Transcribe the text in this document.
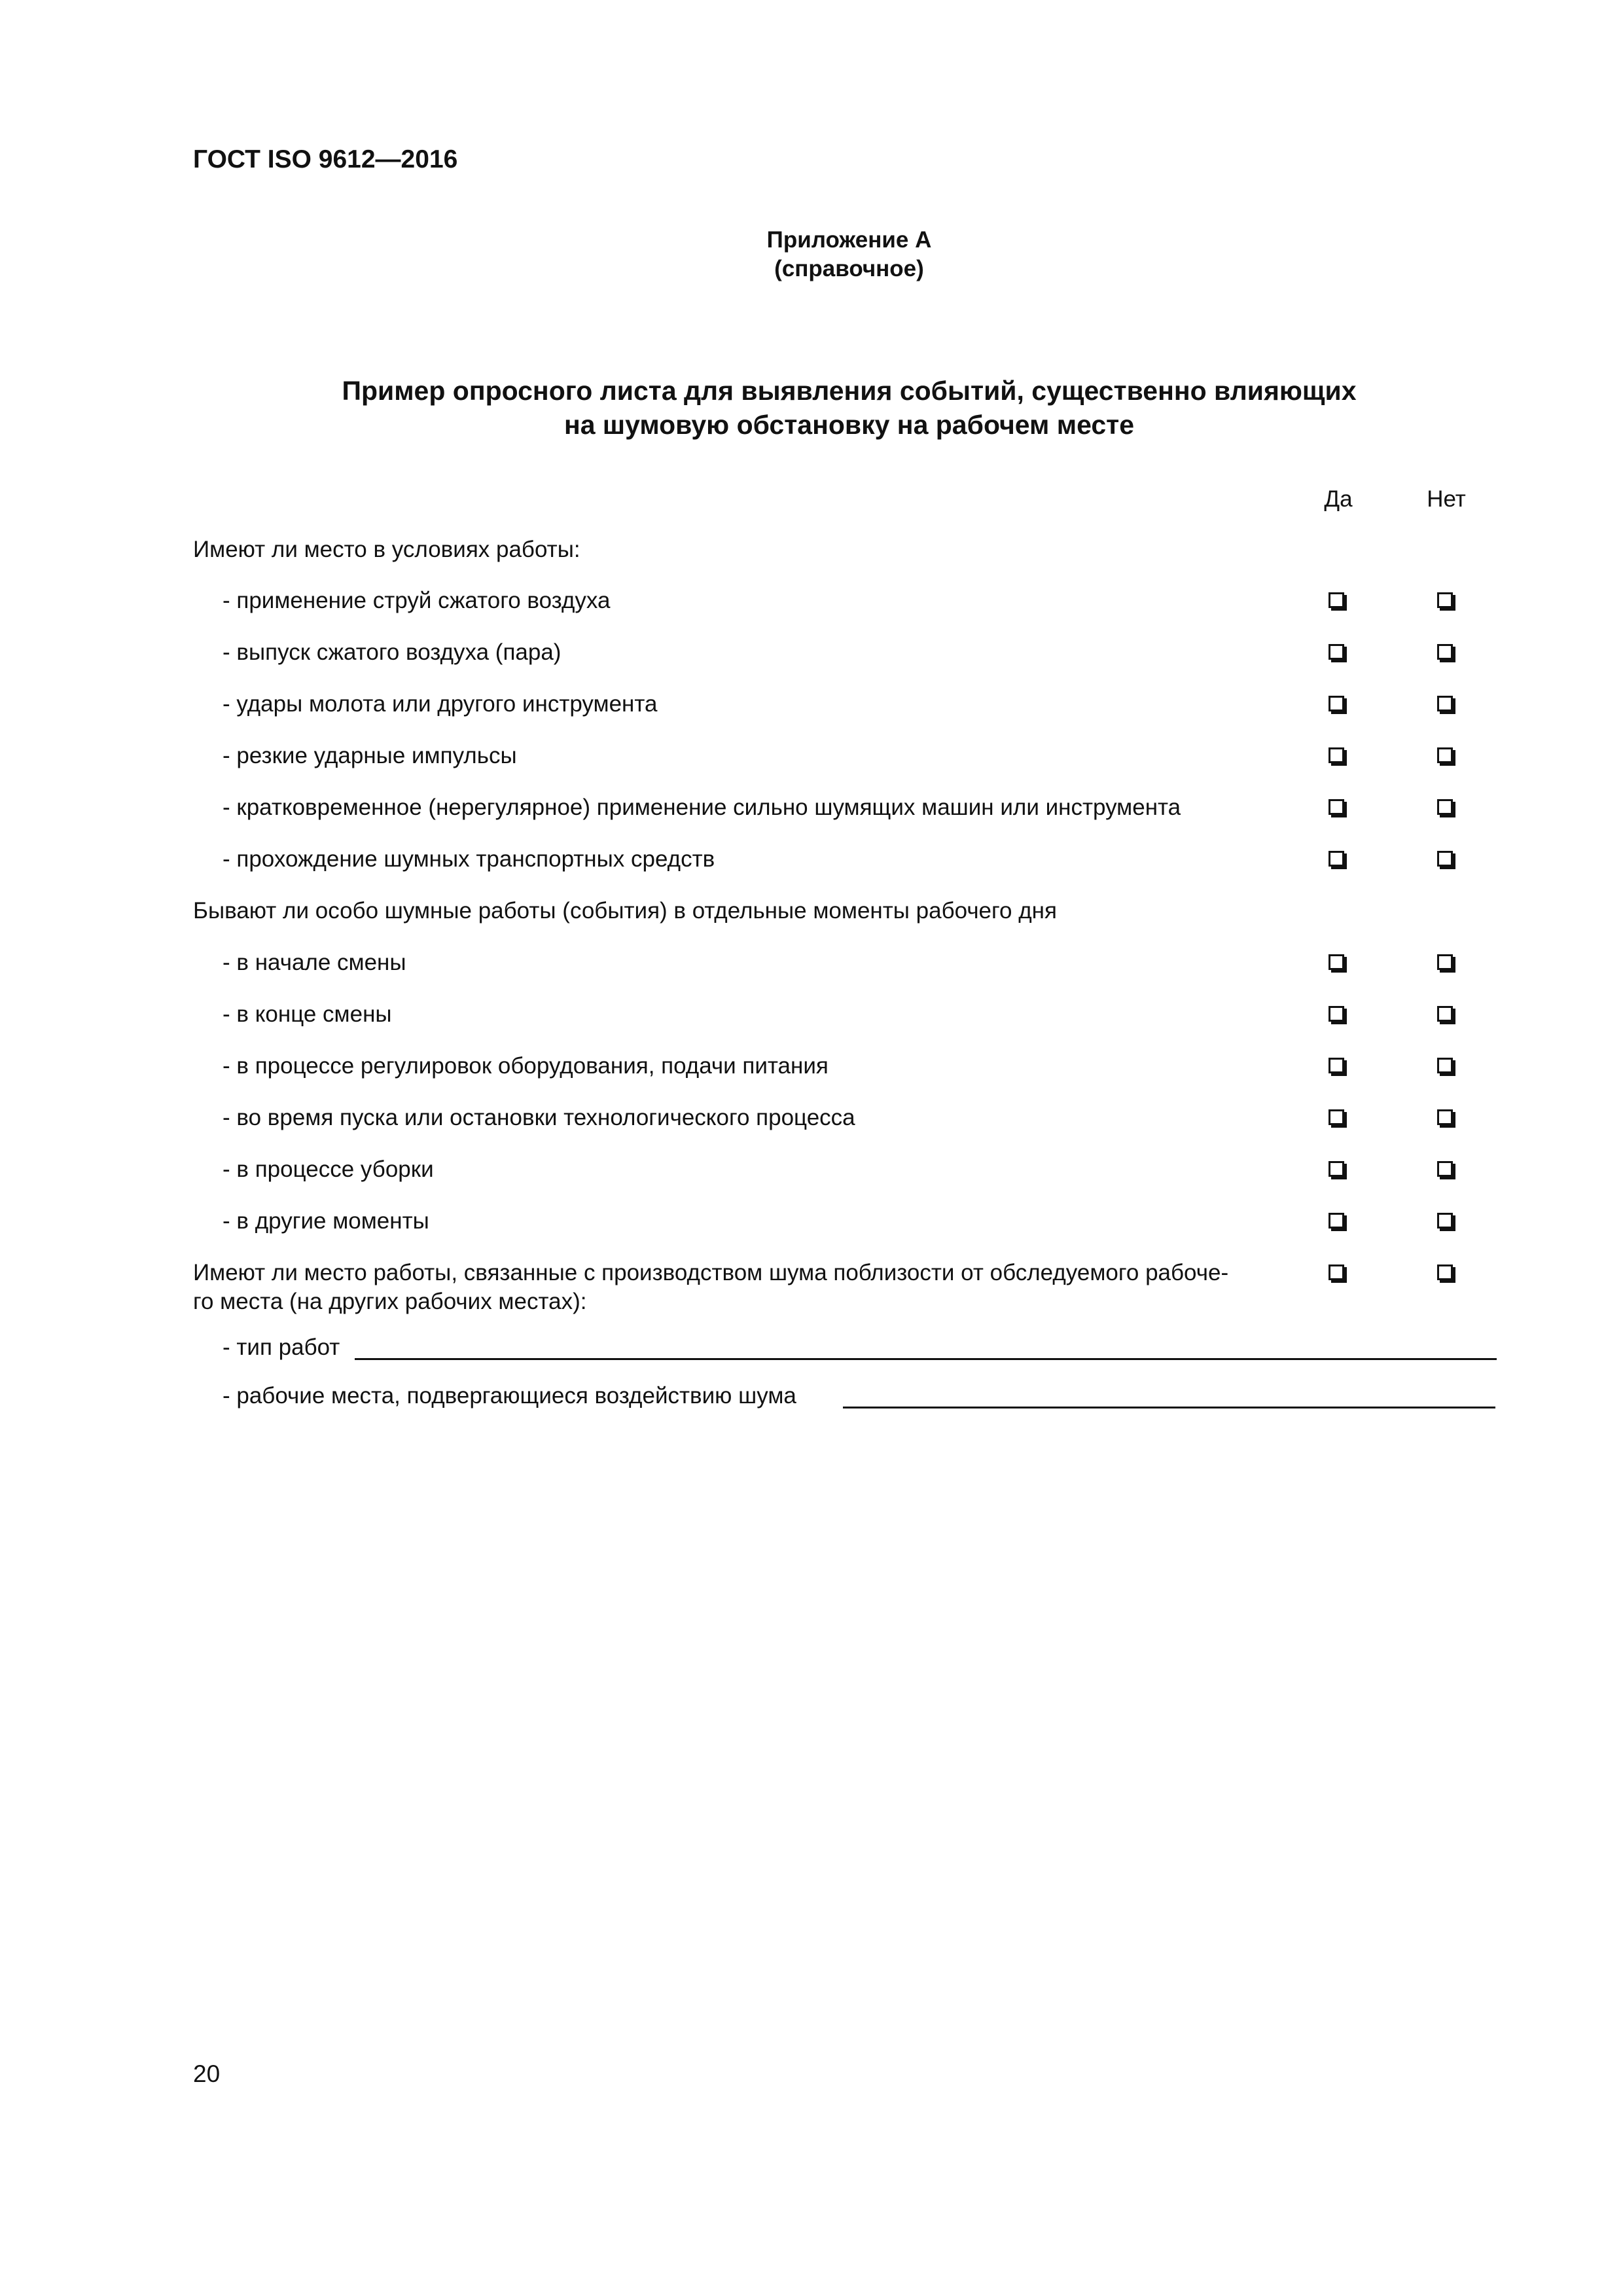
ГОСТ ISO 9612—2016
Приложение А
(справочное)
Пример опросного листа для выявления событий, существенно влияющих
на шумовую обстановку на рабочем месте
Да	Нет
Имеют ли место в условиях работы:
- применение струй сжатого воздуха
- выпуск сжатого воздуха (пара)
- удары молота или другого инструмента
- резкие ударные импульсы
- кратковременное (нерегулярное) применение сильно шумящих машин или инструмента
- прохождение шумных транспортных средств
Бывают ли особо шумные работы (события) в отдельные моменты рабочего дня
- в начале смены
- в конце смены
- в процессе регулировок оборудования, подачи питания
- во время пуска или остановки технологического процесса
- в процессе уборки
- в другие моменты
Имеют ли место работы, связанные с производством шума поблизости от обследуемого рабоче-
го места (на других рабочих местах):
- тип работ
- рабочие места, подвергающиеся воздействию шума
20
